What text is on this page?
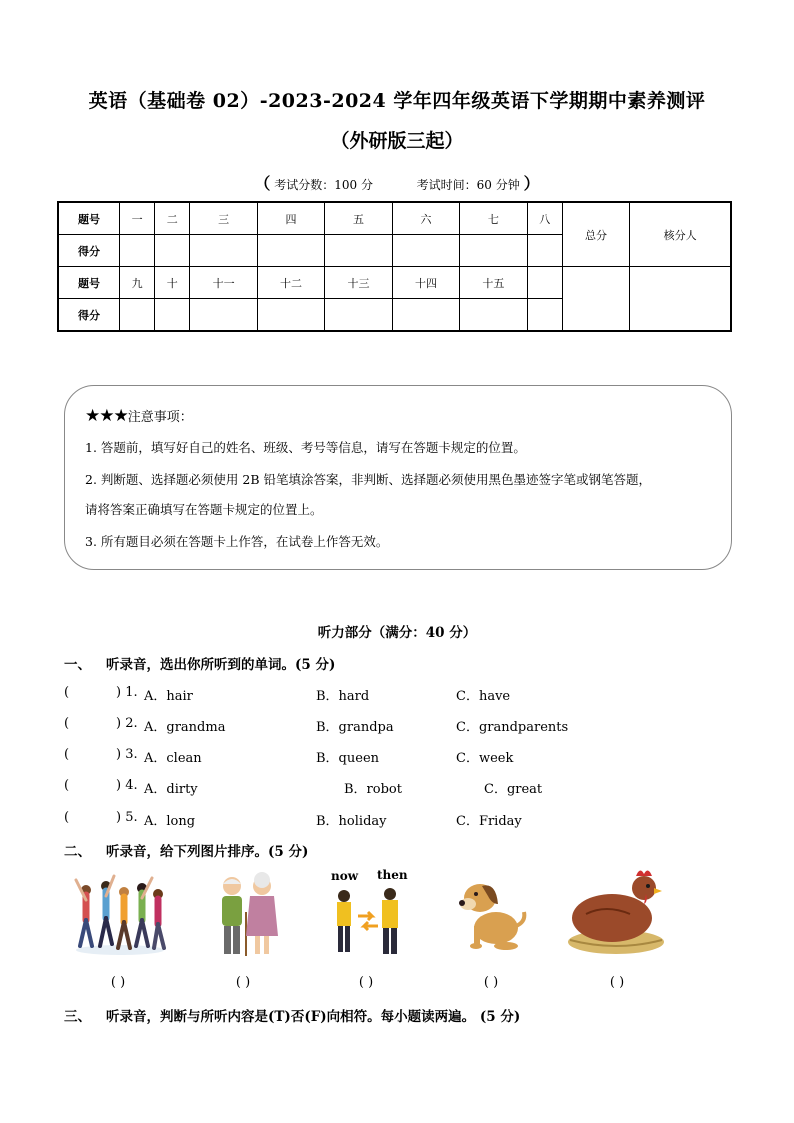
英语（基础卷 02）-2023-2024 学年四年级英语下学期期中素养测评
（外研版三起）
（ 考试分数：100 分	考试时间：60 分钟 ）
题号	一	二	三	四	五	六	七	八	总分	核分人
得分										
题号	九	十	十一	十二	十三	十四	十五			
得分										
★★★注意事项：
1. 答题前，填写好自己的姓名、班级、考号等信息，请写在答题卡规定的位置。
2. 判断题、选择题必须使用 2B 铅笔填涂答案，非判断、选择题必须使用黑色墨迹签字笔或钢笔答题，
请将答案正确填写在答题卡规定的位置上。
3. 所有题目必须在答题卡上作答，在试卷上作答无效。
听力部分（满分：40 分）
一、 听录音，选出你所听到的单词。(5 分)
(	) 1. A．hair	B．hard	C．have
(	) 2. A．grandma	B．grandpa	C．grandparents
(	) 3. A．clean	B．queen	C．week
(	) 4. A．dirty	B．robot	C．great
(	) 5. A．long	B．holiday	C．Friday
二、 听录音，给下列图片排序。(5 分)
now then
( )	( )	( )	( )	( )
三、 听录音，判断与所听内容是(T)否(F)向相符。每小题读两遍。 (5 分)
